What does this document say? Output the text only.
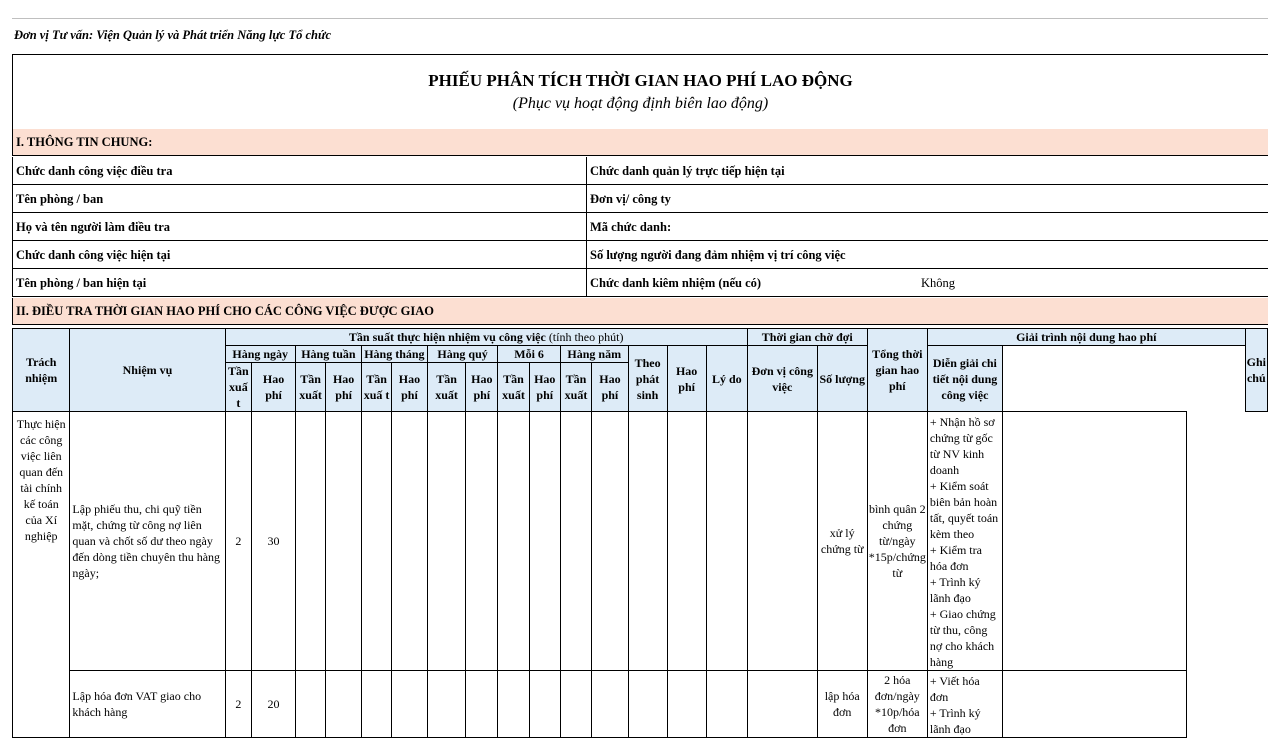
Đơn vị Tư vấn: Viện Quản lý và Phát triển Năng lực Tổ chức
PHIẾU PHÂN TÍCH THỜI GIAN HAO PHÍ LAO ĐỘNG
(Phục vụ hoạt động định biên lao động)
I. THÔNG TIN CHUNG:
Chức danh công việc điều tra	Chức danh quản lý trực tiếp hiện tại
Tên phòng / ban	Đơn vị/ công ty
Họ và tên người làm điều tra	Mã chức danh:
Chức danh công việc hiện tại	Số lượng người đang đảm nhiệm vị trí công việc
Tên phòng / ban hiện tại	Chức danh kiêm nhiệm (nếu có)	Không
II. ĐIỀU TRA THỜI GIAN HAO PHÍ CHO CÁC CÔNG VIỆC ĐƯỢC GIAO
Trách nhiệm	Nhiệm vụ	Tần suất thực hiện nhiệm vụ công việc (tính theo phút)															Thời gian chờ đợi		Tổng thời gian hao phí	Giải trình nội dung hao phí		Ghi chú
		Hàng ngày		Hàng tuần		Hàng tháng		Hàng quý		Mỗi 6		Hàng năm		Theo phát sinh	Hao phí	Lý do	Đơn vị công việc	Số lượng		Diễn giải chi tiết nội dung công việc		
		Tần xuấ t	Hao phí	Tần xuất	Hao phí	Tần xuấ t	Hao phí	Tần xuất	Hao phí	Tần xuất	Hao phí	Tần xuất	Hao phí									
Thực hiện các công việc liên quan đến tài chính kế toán của Xí nghiệp	Lập phiếu thu, chi quỹ tiền mặt, chứng từ công nợ liên quan và chốt số dư theo ngày đến dòng tiền chuyên thu hàng ngày;	2	30															xử lý chứng từ	bình quân 2 chứng từ/ngày *15p/chứng từ	+ Nhận hồ sơ chứng từ gốc từ NV kinh doanh
+ Kiểm soát biên bản hoàn tất, quyết toán kèm theo
+ Kiểm tra hóa đơn
+ Trình ký lãnh đạo
+ Giao chứng từ thu, công nợ cho khách hàng		

	Lập hóa đơn VAT giao cho khách hàng	2	20															lập hóa đơn	2 hóa đơn/ngày *10p/hóa đơn	+ Viết hóa đơn
+ Trình ký lãnh đạo		
